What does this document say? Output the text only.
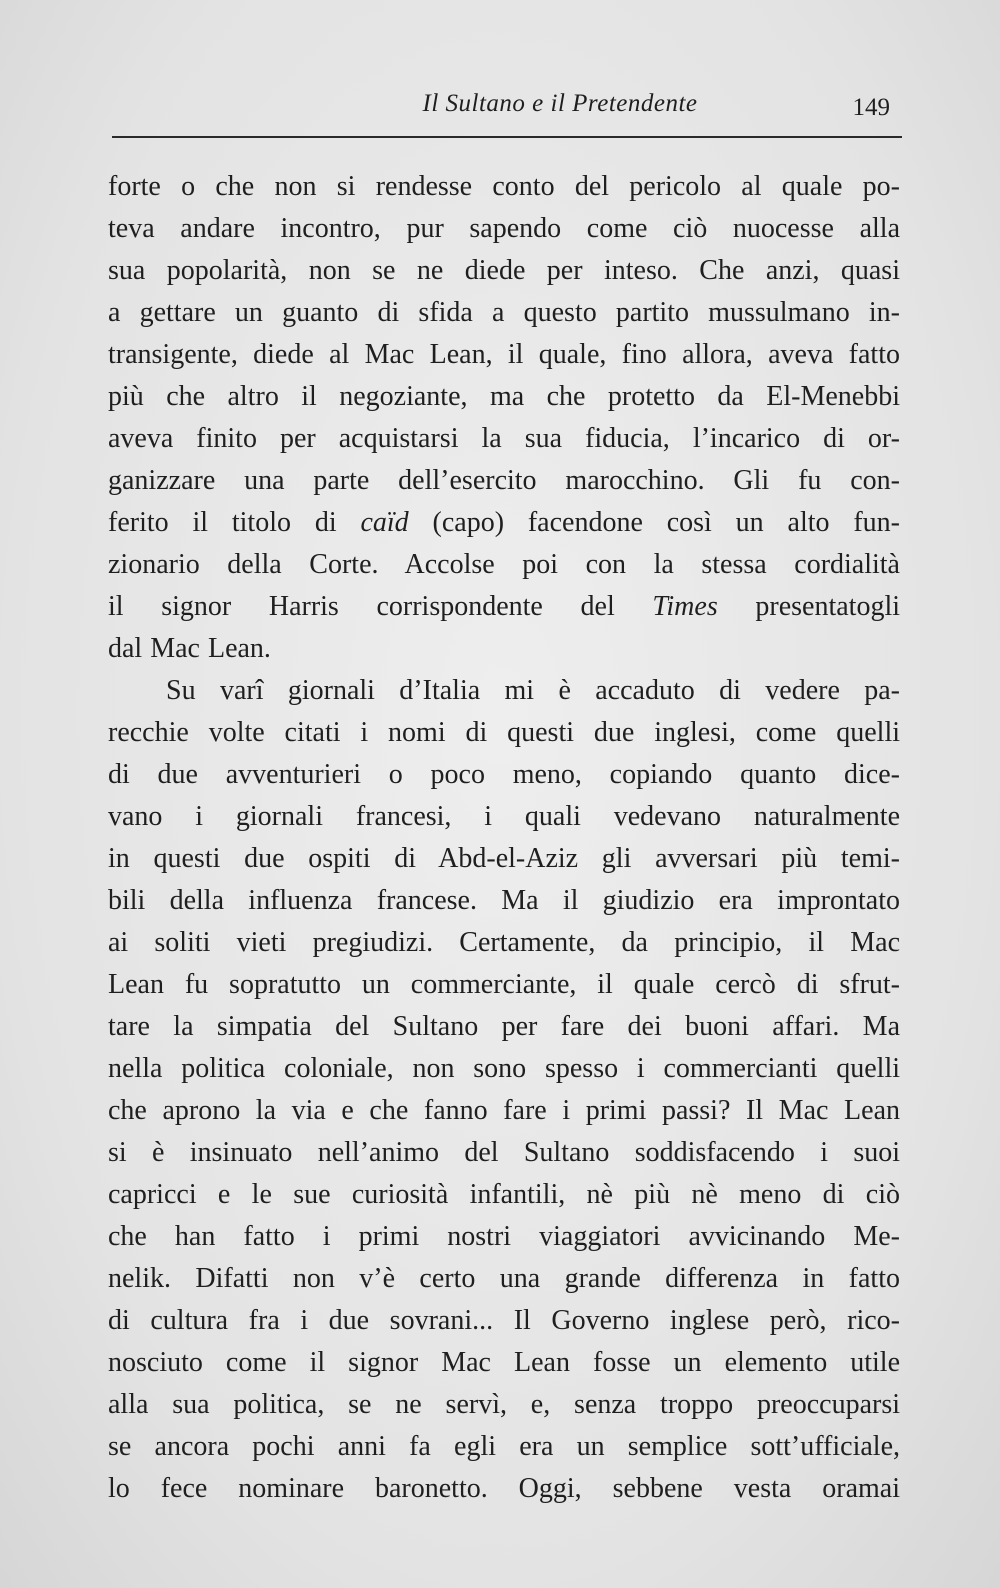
Il Sultano e il Pretendente	149
forte o che non si rendesse conto del pericolo al quale po-
teva andare incontro, pur sapendo come ciò nuocesse alla
sua popolarità, non se ne diede per inteso. Che anzi, quasi
a gettare un guanto di sfida a questo partito mussulmano in-
transigente, diede al Mac Lean, il quale, fino allora, aveva fatto
più che altro il negoziante, ma che protetto da El-Menebbi
aveva finito per acquistarsi la sua fiducia, l’incarico di or-
ganizzare una parte dell’esercito marocchino. Gli fu con-
ferito il titolo di caïd (capo) facendone così un alto fun-
zionario della Corte. Accolse poi con la stessa cordialità
il signor Harris corrispondente del Times presentatogli
dal Mac Lean.
Su varî giornali d’Italia mi è accaduto di vedere pa-
recchie volte citati i nomi di questi due inglesi, come quelli
di due avventurieri o poco meno, copiando quanto dice-
vano i giornali francesi, i quali vedevano naturalmente
in questi due ospiti di Abd-el-Aziz gli avversari più temi-
bili della influenza francese. Ma il giudizio era improntato
ai soliti vieti pregiudizi. Certamente, da principio, il Mac
Lean fu sopratutto un commerciante, il quale cercò di sfrut-
tare la simpatia del Sultano per fare dei buoni affari. Ma
nella politica coloniale, non sono spesso i commercianti quelli
che aprono la via e che fanno fare i primi passi? Il Mac Lean
si è insinuato nell’animo del Sultano soddisfacendo i suoi
capricci e le sue curiosità infantili, nè più nè meno di ciò
che han fatto i primi nostri viaggiatori avvicinando Me-
nelik. Difatti non v’è certo una grande differenza in fatto
di cultura fra i due sovrani... Il Governo inglese però, rico-
nosciuto come il signor Mac Lean fosse un elemento utile
alla sua politica, se ne servì, e, senza troppo preoccuparsi
se ancora pochi anni fa egli era un semplice sott’ufficiale,
lo fece nominare baronetto. Oggi, sebbene vesta oramai
